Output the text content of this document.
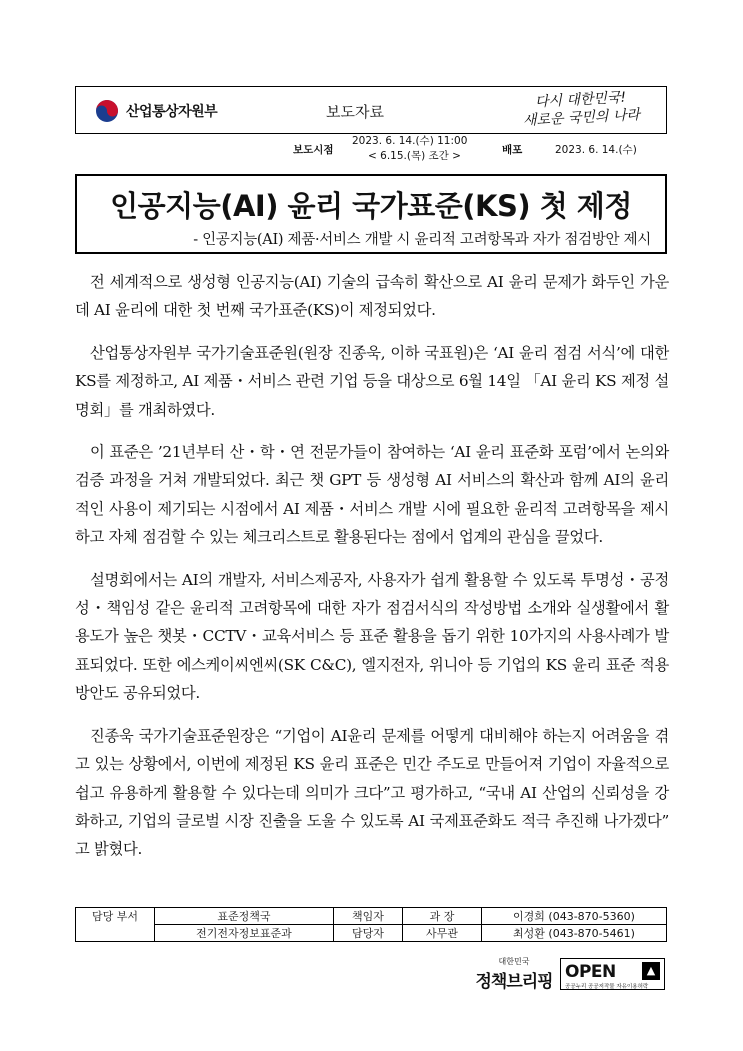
산업통상자원부	보도자료
다시 대한민국!
새로운 국민의 나라
보도시점
2023. 6. 14.(수) 11:00
< 6.15.(목) 조간 >	배포	2023. 6. 14.(수)
인공지능(AI) 윤리 국가표준(KS) 첫 제정
- 인공지능(AI) 제품·서비스 개발 시 윤리적 고려항목과 자가 점검방안 제시

전 세계적으로 생성형 인공지능(AI) 기술의 급속히 확산으로 AI 윤리 문제가 화두인 가운데 AI 윤리에 대한 첫 번째 국가표준(KS)이 제정되었다.

산업통상자원부 국가기술표준원(원장 진종욱, 이하 국표원)은 ‘AI 윤리 점검 서식’에 대한 KS를 제정하고, AI 제품・서비스 관련 기업 등을 대상으로 6월 14일 「AI 윤리 KS 제정 설명회」를 개최하였다.

이 표준은 ’21년부터 산・학・연 전문가들이 참여하는 ‘AI 윤리 표준화 포럼’에서 논의와 검증 과정을 거쳐 개발되었다. 최근 챗 GPT 등 생성형 AI 서비스의 확산과 함께 AI의 윤리적인 사용이 제기되는 시점에서 AI 제품・서비스 개발 시에 필요한 윤리적 고려항목을 제시하고 자체 점검할 수 있는 체크리스트로 활용된다는 점에서 업계의 관심을 끌었다.

설명회에서는 AI의 개발자, 서비스제공자, 사용자가 쉽게 활용할 수 있도록 투명성・공정성・책임성 같은 윤리적 고려항목에 대한 자가 점검서식의 작성방법 소개와 실생활에서 활용도가 높은 챗봇・CCTV・교육서비스 등 표준 활용을 돕기 위한 10가지의 사용사례가 발표되었다. 또한 에스케이씨엔씨(SK C&C), 엘지전자, 위니아 등 기업의 KS 윤리 표준 적용방안도 공유되었다.

진종욱 국가기술표준원장은 “기업이 AI윤리 문제를 어떻게 대비해야 하는지 어려움을 겪고 있는 상황에서, 이번에 제정된 KS 윤리 표준은 민간 주도로 만들어져 기업이 자율적으로 쉽고 유용하게 활용할 수 있다는데 의미가 크다”고 평가하고, “국내 AI 산업의 신뢰성을 강화하고, 기업의 글로벌 시장 진출을 도울 수 있도록 AI 국제표준화도 적극 추진해 나가겠다” 고 밝혔다.

담당 부서	표준정책국	책임자	과 장	이경희 (043-870-5360)
	전기전자정보표준과	담당자	사무관	최성환 (043-870-5461)
대한민국
정책브리핑 OPEN	▲
공공누리 공공저작물 자유이용허락
